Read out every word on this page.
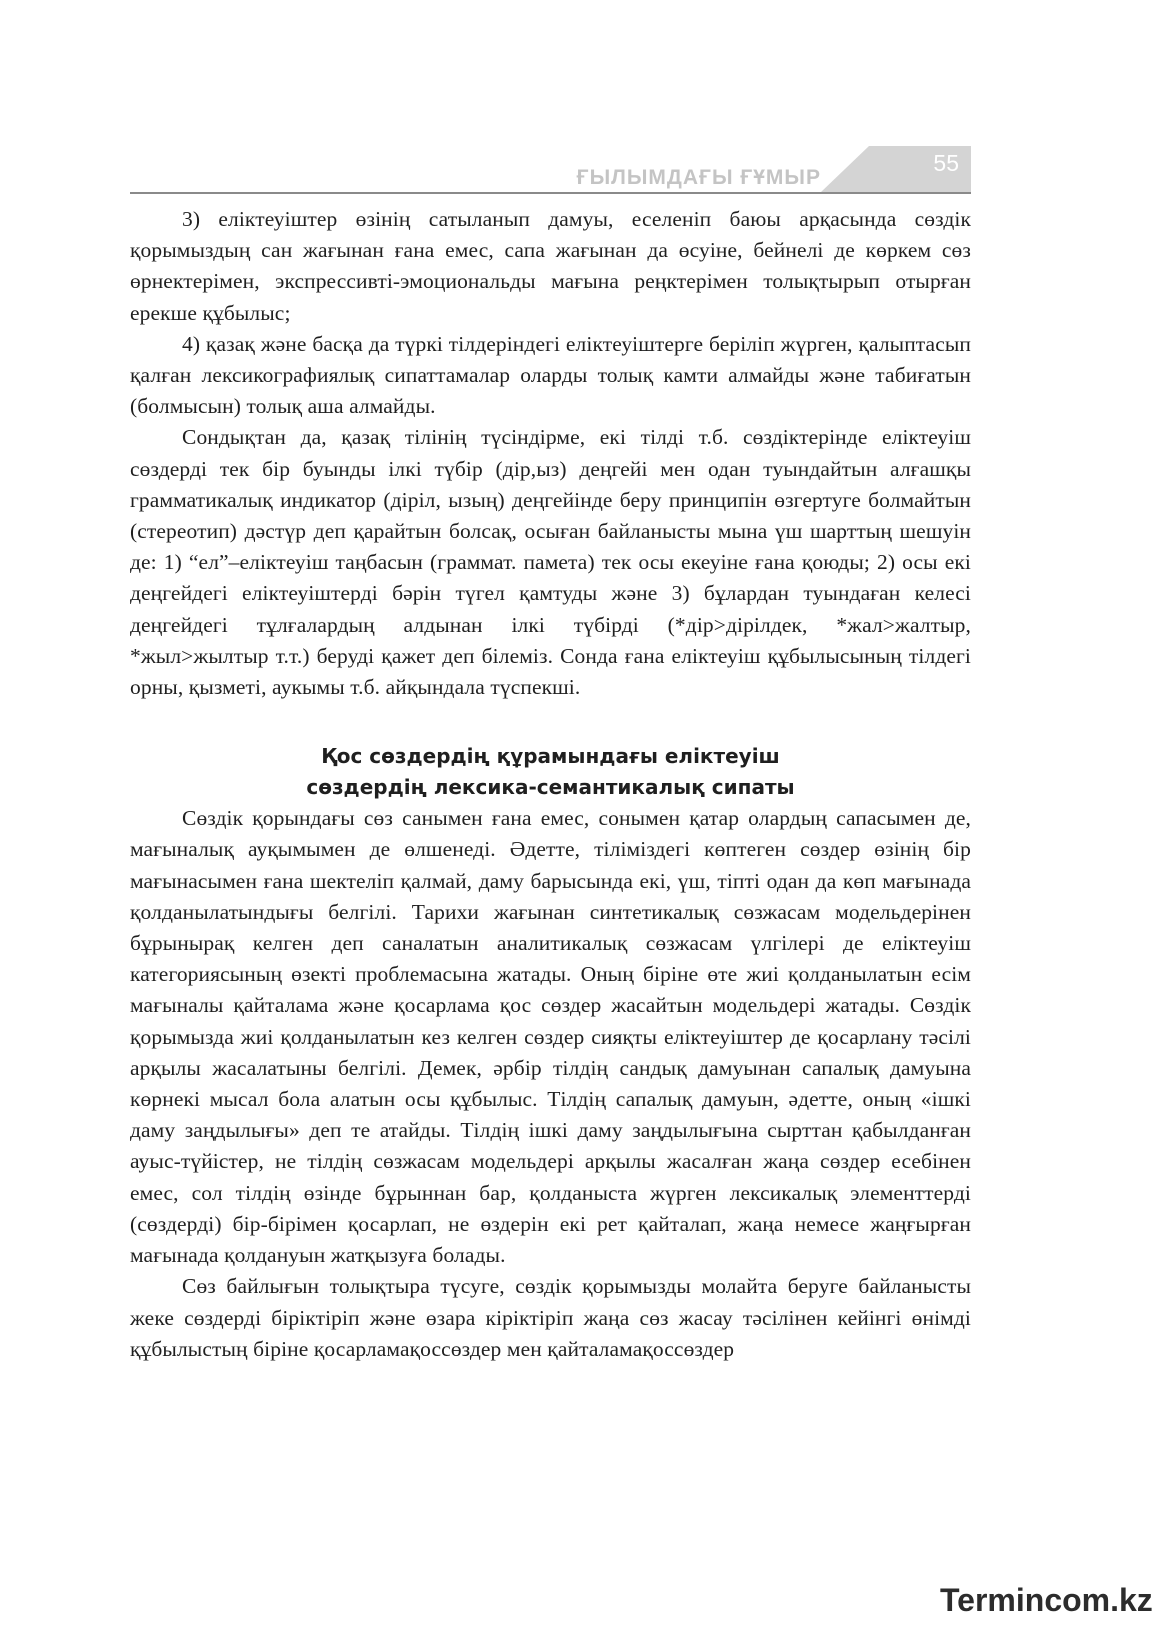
ҒЫЛЫМДАҒЫ ҒҰМЫР
55

3) еліктеуіштер өзінің сатыланып дамуы, еселеніп баюы арқасында сөздік қорымыздың сан жағынан ғана емес, сапа жағынан да өсуіне, бейнелі де көркем сөз өрнектерімен, экспрессивті-эмоциональды мағына реңктерімен толықтырып отырған ерекше құбылыс;

4) қазақ және басқа да түркі тілдеріндегі еліктеуіштерге беріліп жүрген, қалыптасып қалған лексикографиялық сипаттамалар оларды толық камти алмайды және табиғатын (болмысын) толық аша алмайды.

Сондықтан да, қазақ тілінің түсіндірме, екі тілді т.б. сөздіктерінде еліктеуіш сөздерді тек бір буынды ілкі түбір (дір,ыз) деңгейі мен одан туындайтын алғашқы грамматикалық индикатор (діріл, ызың) деңгейінде беру принципін өзгертуге болмайтын (стереотип) дәстүр деп қарайтын болсақ, осыған байланысты мына үш шарттың шешуін де: 1) “ел”–еліктеуіш таңбасын (граммат. памета) тек осы екеуіне ғана қоюды; 2) осы екі деңгейдегі еліктеуіштерді бәрін түгел қамтуды және 3) бұлардан туындаған келесі деңгейдегі тұлғалардың алдынан ілкі түбірді (*дір>дірілдек, *жал>жалтыр, *жыл>жылтыр т.т.) беруді қажет деп білеміз. Сонда ғана еліктеуіш құбылысының тілдегі орны, қызметі, аукымы т.б. айқындала түспекші.

Қос сөздердің құрамындағы еліктеуіш
сөздердің лексика-семантикалық сипаты

Сөздік қорындағы сөз санымен ғана емес, сонымен қатар олардың сапасымен де, мағыналық ауқымымен де өлшенеді. Әдетте, тіліміздегі көптеген сөздер өзінің бір мағынасымен ғана шектеліп қалмай, даму барысында екі, үш, тіпті одан да көп мағынада қолданылатындығы белгілі. Тарихи жағынан синтетикалық сөзжасам модельдерінен бұрынырақ келген деп саналатын аналитикалық сөзжасам үлгілері де еліктеуіш категориясының өзекті проблемасына жатады. Оның біріне өте жиі қолданылатын есім мағыналы қайталама және қосарлама қос сөздер жасайтын модельдері жатады. Сөздік қорымызда жиі қолданылатын кез келген сөздер сияқты еліктеуіштер де қосарлану тәсілі арқылы жасалатыны белгілі. Демек, әрбір тілдің сандық дамуынан сапалық дамуына көрнекі мысал бола алатын осы құбылыс. Тілдің сапалық дамуын, әдетте, оның «ішкі даму заңдылығы» деп те атайды. Тілдің ішкі даму заңдылығына сырттан қабылданған ауыс-түйістер, не тілдің сөзжасам модельдері арқылы жасалған жаңа сөздер есебінен емес, сол тілдің өзінде бұрыннан бар, қолданыста жүрген лексикалық элементтерді (сөздерді) бір-бірімен қосарлап, не өздерін екі рет қайталап, жаңа немесе жаңғырған мағынада қолдануын жатқызуға болады.

Сөз байлығын толықтыра түсуге, сөздік қорымызды молайта беруге байланысты жеке сөздерді біріктіріп және өзара кіріктіріп жаңа сөз жасау тәсілінен кейінгі өнімді құбылыстың біріне қосарламақоссөздер мен қайталамақоссөздер

Termincom.kz
